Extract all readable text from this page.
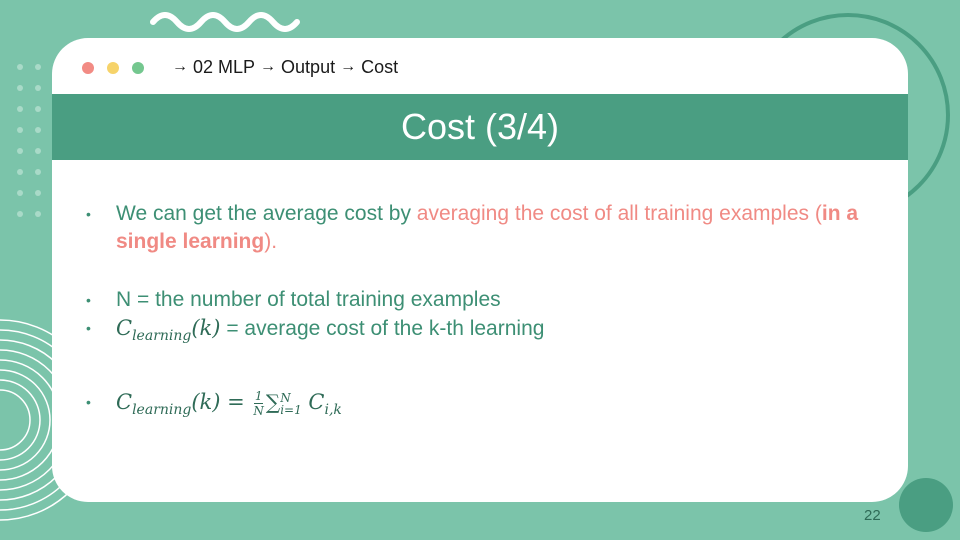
→ 02 MLP → Output → Cost
Cost (3/4)
• We can get the average cost by averaging the cost of all training examples (in a single learning).
• N = the number of total training examples
• $C_{learning}(k)$ = average cost of the k-th learning
• $C_{learning}(k) = \frac{1}{N}$ ∑ N
i=1 $C_{i,k}$
22
